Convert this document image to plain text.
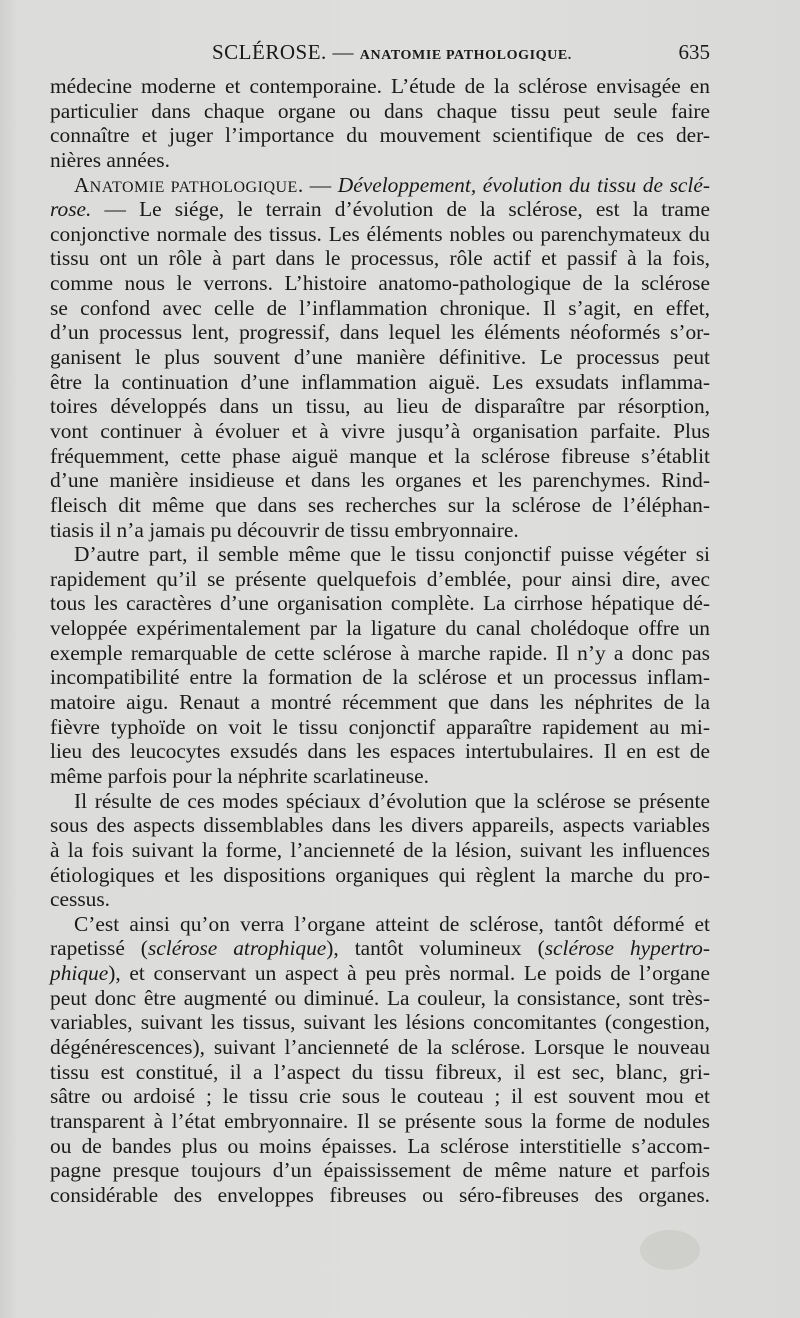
SCLÉROSE. — ANATOMIE PATHOLOGIQUE.	635
médecine moderne et contemporaine. L’étude de la sclérose envisagée en
particulier dans chaque organe ou dans chaque tissu peut seule faire
connaître et juger l’importance du mouvement scientifique de ces der-
nières années.
ANATOMIE PATHOLOGIQUE. — Développement, évolution du tissu de sclé-
rose. — Le siége, le terrain d’évolution de la sclérose, est la trame
conjonctive normale des tissus. Les éléments nobles ou parenchymateux du
tissu ont un rôle à part dans le processus, rôle actif et passif à la fois,
comme nous le verrons. L’histoire anatomo-pathologique de la sclérose
se confond avec celle de l’inflammation chronique. Il s’agit, en effet,
d’un processus lent, progressif, dans lequel les éléments néoformés s’or-
ganisent le plus souvent d’une manière définitive. Le processus peut
être la continuation d’une inflammation aiguë. Les exsudats inflamma-
toires développés dans un tissu, au lieu de disparaître par résorption,
vont continuer à évoluer et à vivre jusqu’à organisation parfaite. Plus
fréquemment, cette phase aiguë manque et la sclérose fibreuse s’établit
d’une manière insidieuse et dans les organes et les parenchymes. Rind-
fleisch dit même que dans ses recherches sur la sclérose de l’éléphan-
tiasis il n’a jamais pu découvrir de tissu embryonnaire.
D’autre part, il semble même que le tissu conjonctif puisse végéter si
rapidement qu’il se présente quelquefois d’emblée, pour ainsi dire, avec
tous les caractères d’une organisation complète. La cirrhose hépatique dé-
veloppée expérimentalement par la ligature du canal cholédoque offre un
exemple remarquable de cette sclérose à marche rapide. Il n’y a donc pas
incompatibilité entre la formation de la sclérose et un processus inflam-
matoire aigu. Renaut a montré récemment que dans les néphrites de la
fièvre typhoïde on voit le tissu conjonctif apparaître rapidement au mi-
lieu des leucocytes exsudés dans les espaces intertubulaires. Il en est de
même parfois pour la néphrite scarlatineuse.
Il résulte de ces modes spéciaux d’évolution que la sclérose se présente
sous des aspects dissemblables dans les divers appareils, aspects variables
à la fois suivant la forme, l’ancienneté de la lésion, suivant les influences
étiologiques et les dispositions organiques qui règlent la marche du pro-
cessus.
C’est ainsi qu’on verra l’organe atteint de sclérose, tantôt déformé et
rapetissé (sclérose atrophique), tantôt volumineux (sclérose hypertro-
phique), et conservant un aspect à peu près normal. Le poids de l’organe
peut donc être augmenté ou diminué. La couleur, la consistance, sont très-
variables, suivant les tissus, suivant les lésions concomitantes (congestion,
dégénérescences), suivant l’ancienneté de la sclérose. Lorsque le nouveau
tissu est constitué, il a l’aspect du tissu fibreux, il est sec, blanc, gri-
sâtre ou ardoisé ; le tissu crie sous le couteau ; il est souvent mou et
transparent à l’état embryonnaire. Il se présente sous la forme de nodules
ou de bandes plus ou moins épaisses. La sclérose interstitielle s’accom-
pagne presque toujours d’un épaississement de même nature et parfois
considérable des enveloppes fibreuses ou séro-fibreuses des organes.
